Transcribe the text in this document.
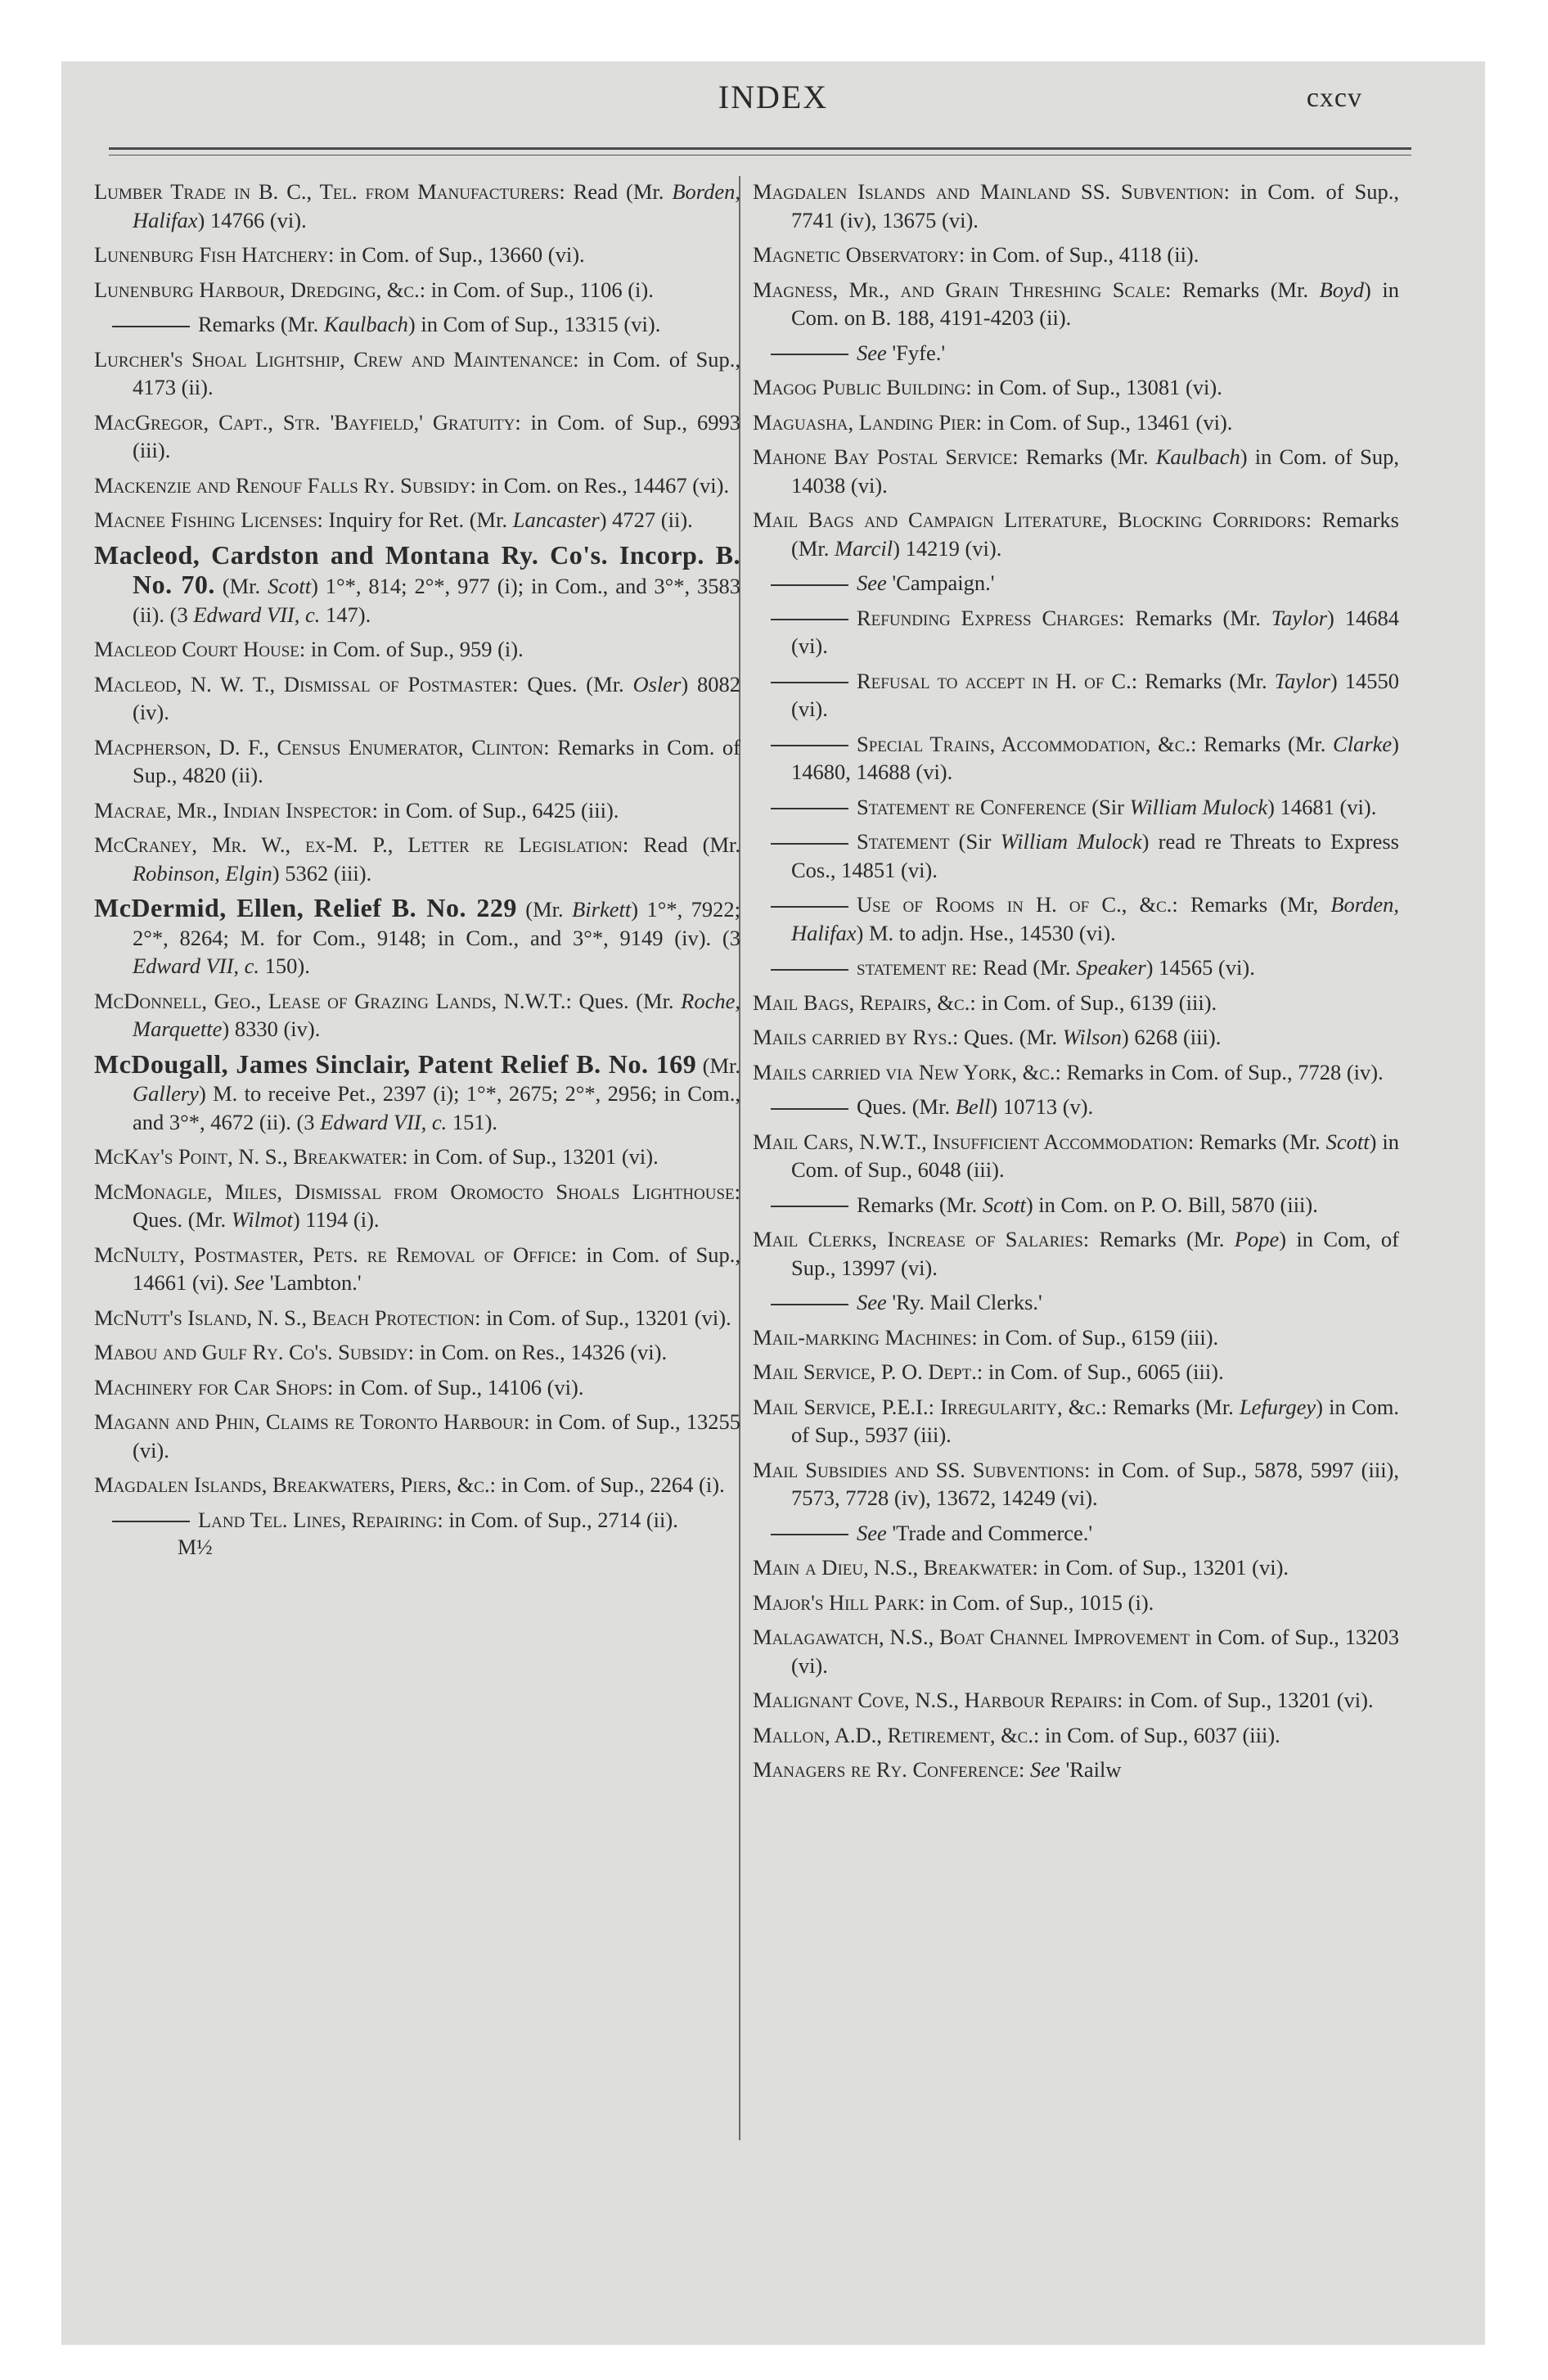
INDEX	cxcv
Lumber Trade in B. C., Tel. from Manufacturers: Read (Mr. Borden, Halifax) 14766 (vi).
Lunenburg Fish Hatchery: in Com. of Sup., 13660 (vi).
Lunenburg Harbour, Dredging, &c.: in Com. of Sup., 1106 (i).
Remarks (Mr. Kaulbach) in Com of Sup., 13315 (vi).
Lurcher's Shoal Lightship, Crew and Maintenance: in Com. of Sup., 4173 (ii).
MacGregor, Capt., Str. 'Bayfield,' Gratuity: in Com. of Sup., 6993 (iii).
Mackenzie and Renouf Falls Ry. Subsidy: in Com. on Res., 14467 (vi).
Macnee Fishing Licenses: Inquiry for Ret. (Mr. Lancaster) 4727 (ii).
Macleod, Cardston and Montana Ry. Co's. Incorp. B. No. 70. (Mr. Scott) 1°*, 814; 2°*, 977 (i); in Com., and 3°*, 3583 (ii). (3 Edward VII, c. 147).
Macleod Court House: in Com. of Sup., 959 (i).
Macleod, N. W. T., Dismissal of Postmaster: Ques. (Mr. Osler) 8082 (iv).
Macpherson, D. F., Census Enumerator, Clinton: Remarks in Com. of Sup., 4820 (ii).
Macrae, Mr., Indian Inspector: in Com. of Sup., 6425 (iii).
McCraney, Mr. W., ex-M. P., Letter re Legislation: Read (Mr. Robinson, Elgin) 5362 (iii).
McDermid, Ellen, Relief B. No. 229 (Mr. Birkett) 1°*, 7922; 2°*, 8264; M. for Com., 9148; in Com., and 3°*, 9149 (iv). (3 Edward VII, c. 150).
McDonnell, Geo., Lease of Grazing Lands, N.W.T.: Ques. (Mr. Roche, Marquette) 8330 (iv).
McDougall, James Sinclair, Patent Relief B. No. 169 (Mr. Gallery) M. to receive Pet., 2397 (i); 1°*, 2675; 2°*, 2956; in Com., and 3°*, 4672 (ii). (3 Edward VII, c. 151).
McKay's Point, N. S., Breakwater: in Com. of Sup., 13201 (vi).
McMonagle, Miles, Dismissal from Oromocto Shoals Lighthouse: Ques. (Mr. Wilmot) 1194 (i).
McNulty, Postmaster, Pets. re Removal of Office: in Com. of Sup., 14661 (vi). See 'Lambton.'
McNutt's Island, N. S., Beach Protection: in Com. of Sup., 13201 (vi).
Mabou and Gulf Ry. Co's. Subsidy: in Com. on Res., 14326 (vi).
Machinery for Car Shops: in Com. of Sup., 14106 (vi).
Magann and Phin, Claims re Toronto Harbour: in Com. of Sup., 13255 (vi).
Magdalen Islands, Breakwaters, Piers, &c.: in Com. of Sup., 2264 (i).
Land Tel. Lines, Repairing: in Com. of Sup., 2714 (ii).
M½
Magdalen Islands and Mainland SS. Subvention: in Com. of Sup., 7741 (iv), 13675 (vi).
Magnetic Observatory: in Com. of Sup., 4118 (ii).
Magness, Mr., and Grain Threshing Scale: Remarks (Mr. Boyd) in Com. on B. 188, 4191-4203 (ii).
See 'Fyfe.'
Magog Public Building: in Com. of Sup., 13081 (vi).
Maguasha, Landing Pier: in Com. of Sup., 13461 (vi).
Mahone Bay Postal Service: Remarks (Mr. Kaulbach) in Com. of Sup, 14038 (vi).
Mail Bags and Campaign Literature, Blocking Corridors: Remarks (Mr. Marcil) 14219 (vi).
See 'Campaign.'
Refunding Express Charges: Remarks (Mr. Taylor) 14684 (vi).
Refusal to accept in H. of C.: Remarks (Mr. Taylor) 14550 (vi).
Special Trains, Accommodation, &c.: Remarks (Mr. Clarke) 14680, 14688 (vi).
Statement re Conference (Sir William Mulock) 14681 (vi).
Statement (Sir William Mulock) read re Threats to Express Cos., 14851 (vi).
Use of Rooms in H. of C., &c.: Remarks (Mr, Borden, Halifax) M. to adjn. Hse., 14530 (vi).
statement re: Read (Mr. Speaker) 14565 (vi).
Mail Bags, Repairs, &c.: in Com. of Sup., 6139 (iii).
Mails carried by Rys.: Ques. (Mr. Wilson) 6268 (iii).
Mails carried via New York, &c.: Remarks in Com. of Sup., 7728 (iv).
Ques. (Mr. Bell) 10713 (v).
Mail Cars, N.W.T., Insufficient Accommodation: Remarks (Mr. Scott) in Com. of Sup., 6048 (iii).
Remarks (Mr. Scott) in Com. on P. O. Bill, 5870 (iii).
Mail Clerks, Increase of Salaries: Remarks (Mr. Pope) in Com, of Sup., 13997 (vi).
See 'Ry. Mail Clerks.'
Mail-marking Machines: in Com. of Sup., 6159 (iii).
Mail Service, P. O. Dept.: in Com. of Sup., 6065 (iii).
Mail Service, P.E.I.: Irregularity, &c.: Remarks (Mr. Lefurgey) in Com. of Sup., 5937 (iii).
Mail Subsidies and SS. Subventions: in Com. of Sup., 5878, 5997 (iii), 7573, 7728 (iv), 13672, 14249 (vi).
See 'Trade and Commerce.'
Main a Dieu, N.S., Breakwater: in Com. of Sup., 13201 (vi).
Major's Hill Park: in Com. of Sup., 1015 (i).
Malagawatch, N.S., Boat Channel Improvement in Com. of Sup., 13203 (vi).
Malignant Cove, N.S., Harbour Repairs: in Com. of Sup., 13201 (vi).
Mallon, A.D., Retirement, &c.: in Com. of Sup., 6037 (iii).
Managers re Ry. Conference: See 'Railw
